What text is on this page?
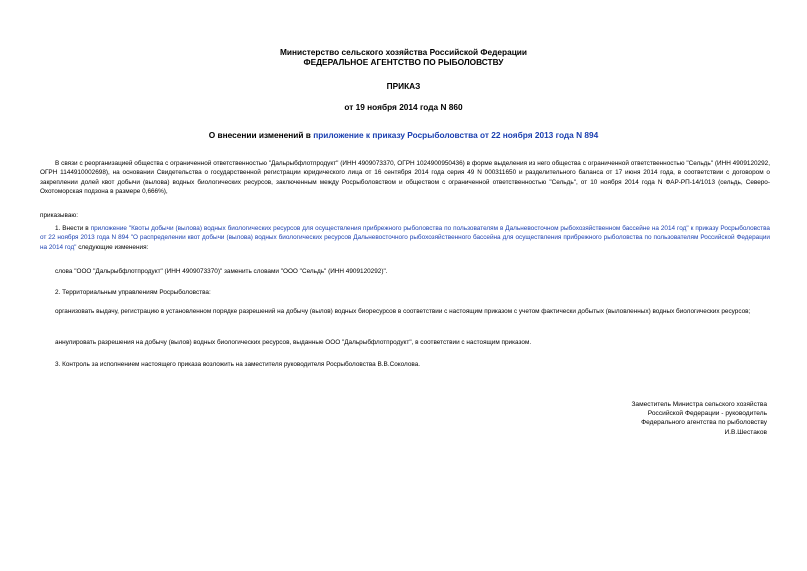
Министерство сельского хозяйства Российской Федерации
ФЕДЕРАЛЬНОЕ АГЕНТСТВО ПО РЫБОЛОВСТВУ
ПРИКАЗ
от 19 ноября 2014 года N 860
О внесении изменений в приложение к приказу Росрыболовства от 22 ноября 2013 года N 894
В связи с реорганизацией общества с ограниченной ответственностью "Дальрыбфлотпродукт" (ИНН 4909073370, ОГРН 1024900950436) в форме выделения из него общества с ограниченной ответственностью "Сельдь" (ИНН 4909120292, ОГРН 1144910002698), на основании Свидетельства о государственной регистрации юридического лица от 16 сентября 2014 года серия 49 N 000311650 и разделительного баланса от 17 июня 2014 года, в соответствии с договором о закреплении долей квот добычи (вылова) водных биологических ресурсов, заключенным между Росрыболовством и обществом с ограниченной ответственностью "Сельдь", от 10 ноября 2014 года N ФАР-РП-14/1013 (сельдь, Северо-Охотоморская подзона в размере 0,666%),
приказываю:
1. Внести в приложение "Квоты добычи (вылова) водных биологических ресурсов для осуществления прибрежного рыболовства по пользователям в Дальневосточном рыбохозяйственном бассейне на 2014 год" к приказу Росрыболовства от 22 ноября 2013 года N 894 "О распределении квот добычи (вылова) водных биологических ресурсов Дальневосточного рыбохозяйственного бассейна для осуществления прибрежного рыболовства по пользователям Российской Федерации на 2014 год" следующие изменения:
слова "ООО "Дальрыбфлотпродукт" (ИНН 4909073370)" заменить словами "ООО "Сельдь" (ИНН 4909120292)".
2. Территориальным управлениям Росрыболовства:
организовать выдачу, регистрацию в установленном порядке разрешений на добычу (вылов) водных биоресурсов в соответствии с настоящим приказом с учетом фактически добытых (выловленных) водных биологических ресурсов;
аннулировать разрешения на добычу (вылов) водных биологических ресурсов, выданные ООО "Дальрыбфлотпродукт", в соответствии с настоящим приказом.
3. Контроль за исполнением настоящего приказа возложить на заместителя руководителя Росрыболовства В.В.Соколова.
Заместитель Министра сельского хозяйства
Российской Федерации - руководитель
Федерального агентства по рыболовству
И.В.Шестаков
